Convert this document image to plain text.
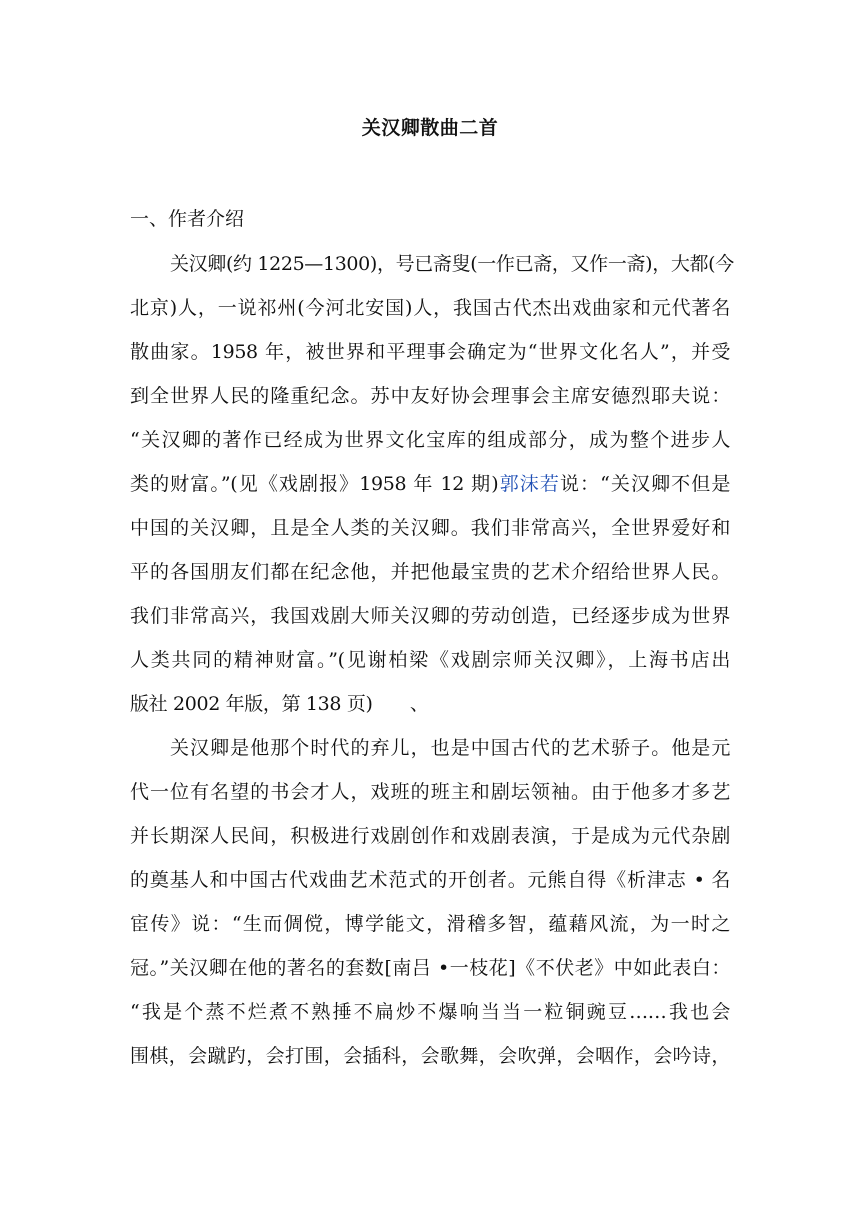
关汉卿散曲二首
一、作者介绍
关汉卿(约 1225—1300)，号已斋叟(一作已斋，又作一斋)，大都(今
北京)人，一说祁州(今河北安国)人，我国古代杰出戏曲家和元代著名
散曲家。1958 年，被世界和平理事会确定为“世界文化名人”，并受
到全世界人民的隆重纪念。苏中友好协会理事会主席安德烈耶夫说：
“关汉卿的著作已经成为世界文化宝库的组成部分，成为整个进步人
类的财富。”(见《戏剧报》1958 年 12 期)郭沫若说：“关汉卿不但是
中国的关汉卿，且是全人类的关汉卿。我们非常高兴，全世界爱好和
平的各国朋友们都在纪念他，并把他最宝贵的艺术介绍给世界人民。
我们非常高兴，我国戏剧大师关汉卿的劳动创造，已经逐步成为世界
人类共同的精神财富。”(见谢柏梁《戏剧宗师关汉卿》，上海书店出
版社 2002 年版，第 138 页)　　、
关汉卿是他那个时代的弃儿，也是中国古代的艺术骄子。他是元
代一位有名望的书会才人，戏班的班主和剧坛领袖。由于他多才多艺
并长期深人民间，积极进行戏剧创作和戏剧表演，于是成为元代杂剧
的奠基人和中国古代戏曲艺术范式的开创者。元熊自得《析津志 • 名
宦传》说：“生而倜傥，博学能文，滑稽多智，蕴藉风流，为一时之
冠。”关汉卿在他的著名的套数[南吕 •一枝花]《不伏老》中如此表白：
“我是个蒸不烂煮不熟捶不扁炒不爆响当当一粒铜豌豆……我也会
围棋，会蹴趵，会打围，会插科，会歌舞，会吹弹，会咽作，会吟诗，
